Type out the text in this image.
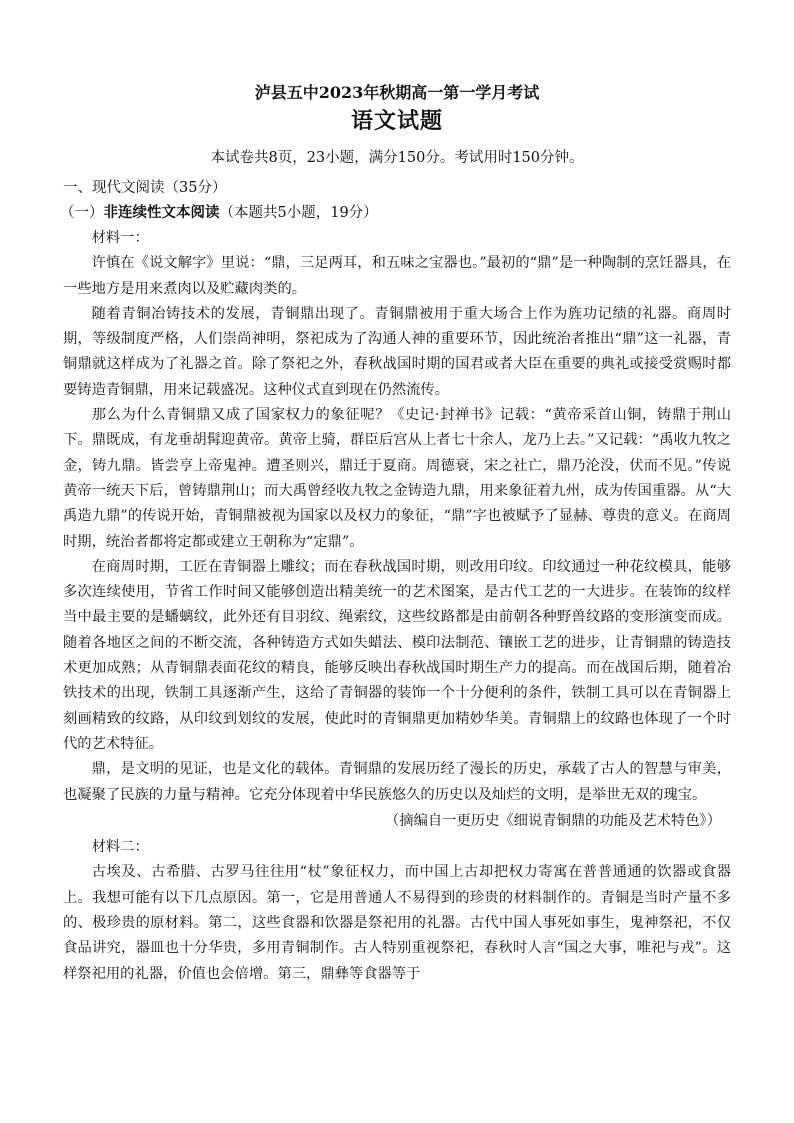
泸县五中2023年秋期高一第一学月考试
语文试题
本试卷共8页，23小题，满分150分。考试用时150分钟。
一、现代文阅读（35分）
（一）非连续性文本阅读（本题共5小题，19分）

材料一：

许慎在《说文解字》里说：“鼎，三足两耳，和五味之宝器也。”最初的“鼎”是一种陶制的烹饪器具，在一些地方是用来煮肉以及贮藏肉类的。

随着青铜冶铸技术的发展，青铜鼎出现了。青铜鼎被用于重大场合上作为旌功记绩的礼器。商周时期，等级制度严格，人们崇尚神明，祭祀成为了沟通人神的重要环节，因此统治者推出“鼎”这一礼器，青铜鼎就这样成为了礼器之首。除了祭祀之外，春秋战国时期的国君或者大臣在重要的典礼或接受赏赐时都要铸造青铜鼎，用来记载盛况。这种仪式直到现在仍然流传。

那么为什么青铜鼎又成了国家权力的象征呢？《史记·封禅书》记载：“黄帝采首山铜，铸鼎于荆山下。鼎既成，有龙垂胡髯迎黄帝。黄帝上骑，群臣后宫从上者七十余人，龙乃上去。”又记载：“禹收九牧之金，铸九鼎。皆尝亨上帝鬼神。遭圣则兴，鼎迁于夏商。周德衰，宋之社亡，鼎乃沦没，伏而不见。”传说黄帝一统天下后，曾铸鼎荆山；而大禹曾经收九牧之金铸造九鼎，用来象征着九州，成为传国重器。从“大禹造九鼎”的传说开始，青铜鼎被视为国家以及权力的象征，“鼎”字也被赋予了显赫、尊贵的意义。在商周时期，统治者都将定都或建立王朝称为“定鼎”。

在商周时期，工匠在青铜器上雕纹；而在春秋战国时期，则改用印纹。印纹通过一种花纹模具，能够多次连续使用，节省工作时间又能够创造出精美统一的艺术图案，是古代工艺的一大进步。在装饰的纹样当中最主要的是蟠螭纹，此外还有目羽纹、绳索纹，这些纹路都是由前朝各种野兽纹路的变形演变而成。随着各地区之间的不断交流，各种铸造方式如失蜡法、模印法制范、镶嵌工艺的进步，让青铜鼎的铸造技术更加成熟；从青铜鼎表面花纹的精良，能够反映出春秋战国时期生产力的提高。而在战国后期，随着冶铁技术的出现，铁制工具逐渐产生，这给了青铜器的装饰一个十分便利的条件，铁制工具可以在青铜器上刻画精致的纹路，从印纹到划纹的发展，使此时的青铜鼎更加精妙华美。青铜鼎上的纹路也体现了一个时代的艺术特征。

鼎，是文明的见证，也是文化的载体。青铜鼎的发展历经了漫长的历史，承载了古人的智慧与审美，也凝聚了民族的力量与精神。它充分体现着中华民族悠久的历史以及灿烂的文明，是举世无双的瑰宝。

（摘编自一更历史《细说青铜鼎的功能及艺术特色》）

材料二：

古埃及、古希腊、古罗马往往用“杖”象征权力，而中国上古却把权力寄寓在普普通通的饮器或食器上。我想可能有以下几点原因。第一，它是用普通人不易得到的珍贵的材料制作的。青铜是当时产量不多的、极珍贵的原材料。第二，这些食器和饮器是祭祀用的礼器。古代中国人事死如事生，鬼神祭祀，不仅食品讲究，器皿也十分华贵，多用青铜制作。古人特别重视祭祀，春秋时人言“国之大事，唯祀与戎”。这样祭祀用的礼器，价值也会倍增。第三，鼎彝等食器等于
